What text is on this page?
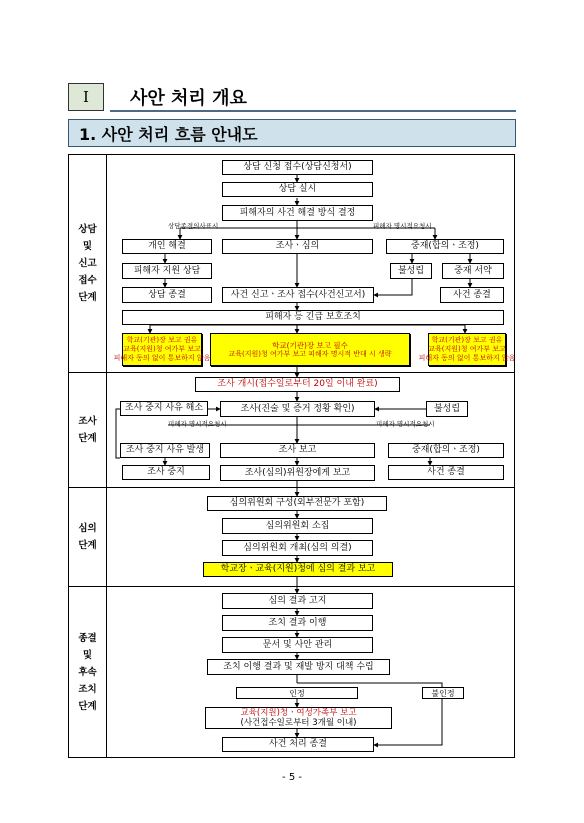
Ⅰ	사안 처리 개요
1. 사안 처리 흐름 안내도
상담
및
신고
접수
단계
조사
단계
심의
단계
종결
및
후속
조치
단계
상담 신청 접수(상담신청서)
상담 실시
피해자의 사건 해결 방식 결정
상담종결의사표시	피해자 명시적요청시
개인 해결	조사ㆍ심의	중재(합의ㆍ조정)
피해자 지원 상담	불성립	중재 서약
상담 종결	사건 신고ㆍ조사 접수(사건신고서)	사건 종결
피해자 등 긴급 보호조치
학교(기관)장 보고 권유
교육(지원)청 여가부 보고
피해자 동의 없이 통보하지 않음
학교(기관)장 보고 필수
교육(지원)청 여가부 보고 피해자 명시적 반대 시 생략
학교(기관)장 보고 권유
교육(지원)청 여가부 보고
피해자 동의 없이 통보하지 않음
조사 개시(접수일로부터 20일 이내 완료)
조사 중지 사유 해소	조사(진술 및 증거 정황 확인)	불성립
피해자 명시적요청시	피해자 명시적요청시
조사 중지 사유 발생	조사 보고	중재(합의ㆍ조정)
조사 중지	조사(심의)위원장에게 보고	사건 종결
심의위원회 구성(외부전문가 포함)
심의위원회 소집
심의위원회 개최(심의 의결)
학교장ㆍ교육(지원)청에 심의 결과 보고
심의 결과 고지
조치 결과 이행
문서 및 사안 관리
조치 이행 결과 및 재발 방지 대책 수립
인정	불인정
교육(지원)청ㆍ여성가족부 보고
(사건접수일로부터 3개월 이내)
사건 처리 종결
- 5 -
